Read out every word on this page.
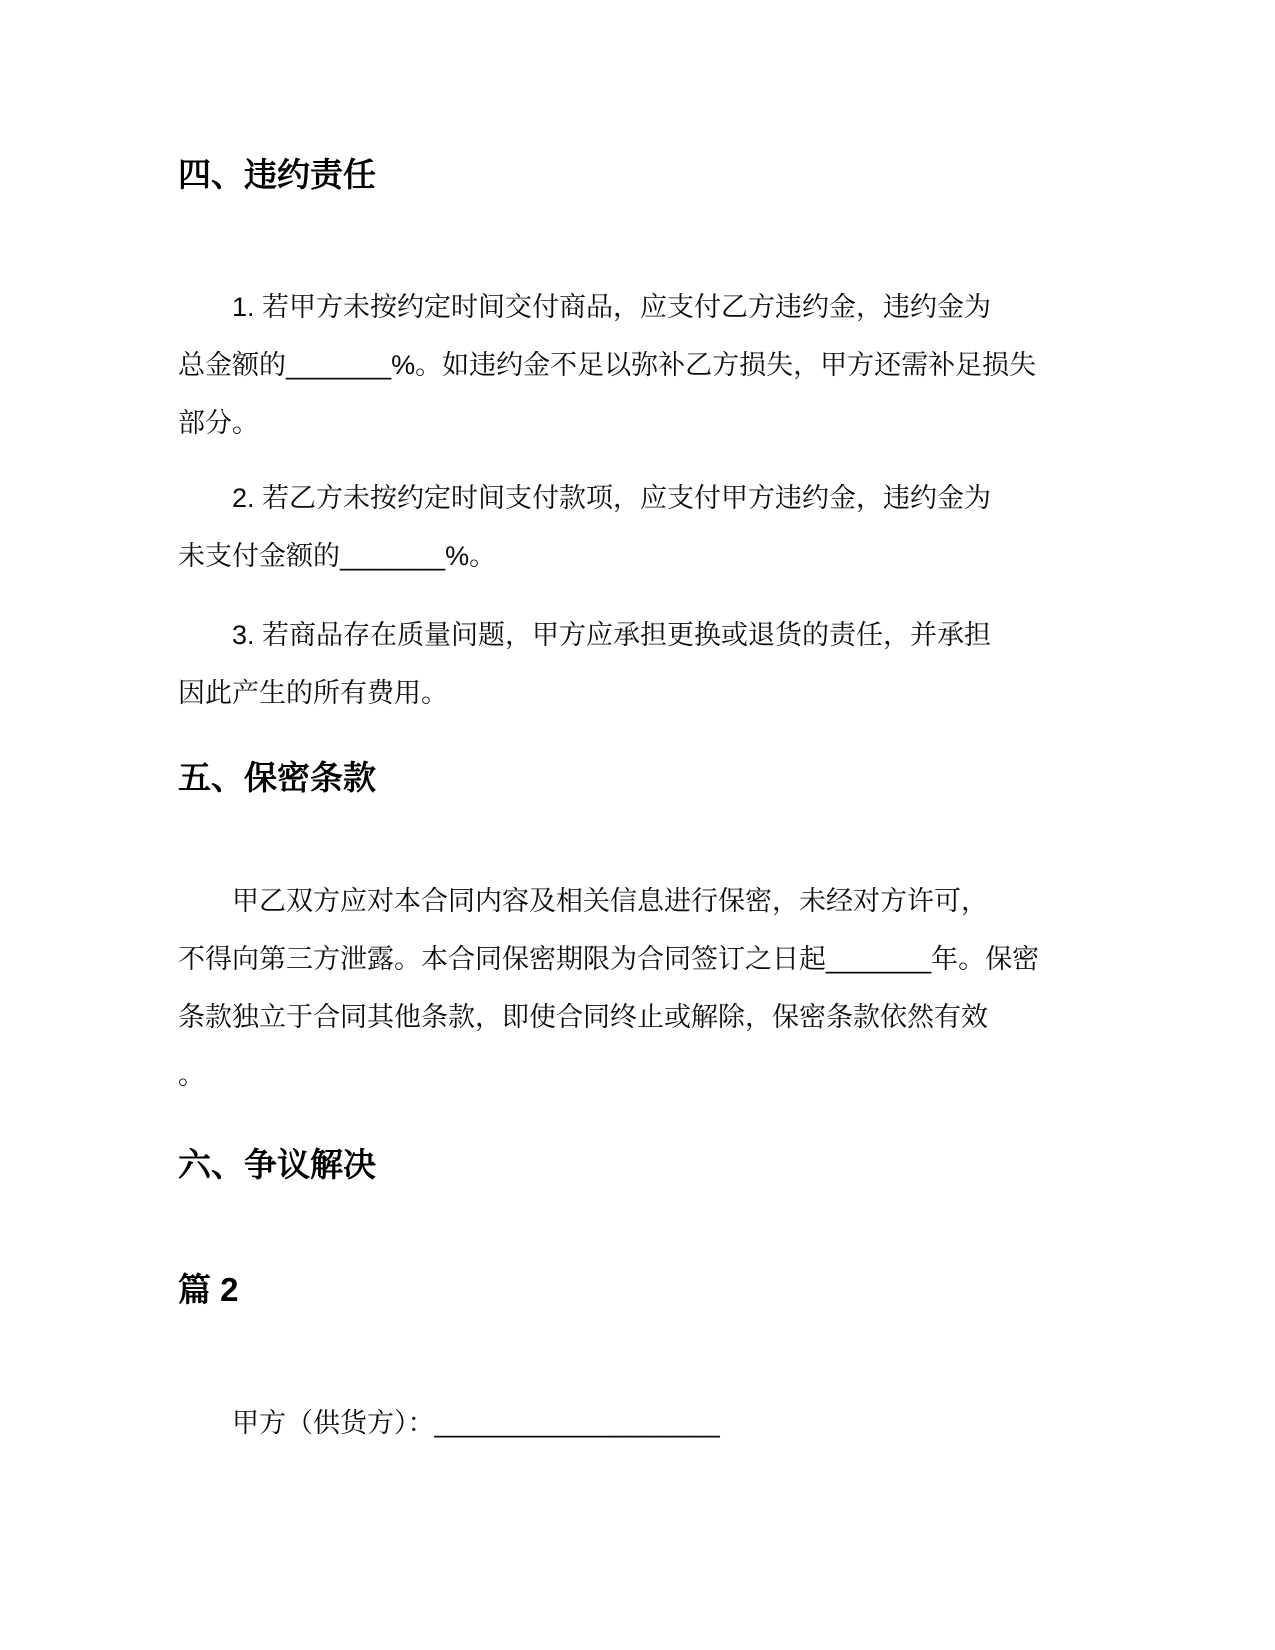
四、违约责任
1. 若甲方未按约定时间交付商品，应支付乙方违约金，违约金为
总金额的_______%。如违约金不足以弥补乙方损失，甲方还需补足损失
部分。
2. 若乙方未按约定时间支付款项，应支付甲方违约金，违约金为
未支付金额的_______%。
3. 若商品存在质量问题，甲方应承担更换或退货的责任，并承担
因此产生的所有费用。
五、保密条款
甲乙双方应对本合同内容及相关信息进行保密，未经对方许可，
不得向第三方泄露。本合同保密期限为合同签订之日起_______年。保密
条款独立于合同其他条款，即使合同终止或解除，保密条款依然有效
。
六、争议解决
篇 2
甲方（供货方）：___________________
